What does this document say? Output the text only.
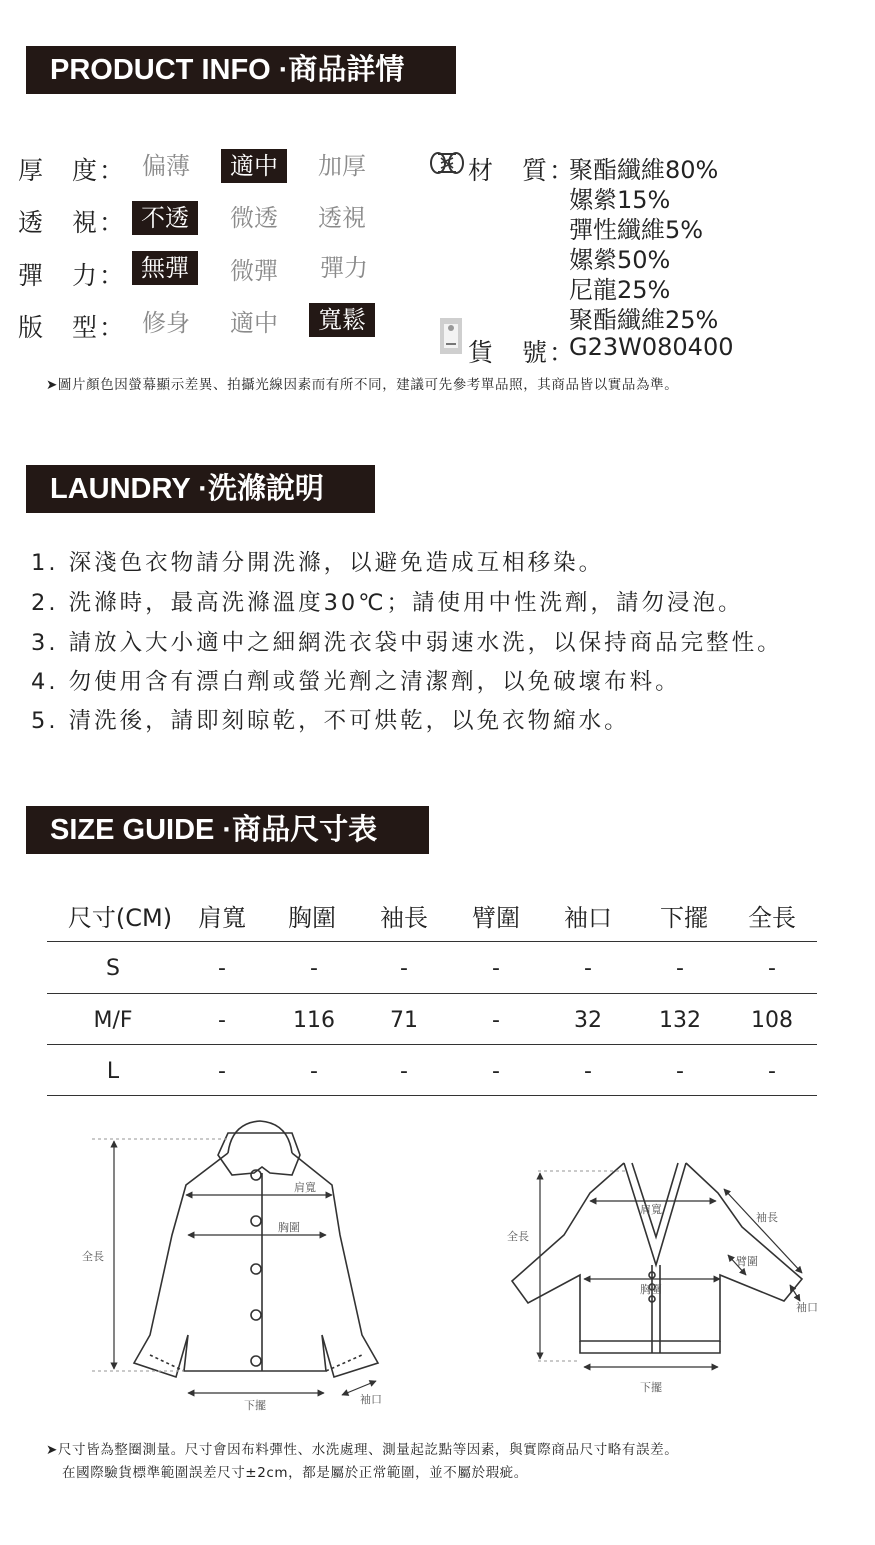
PRODUCT INFO ·商品詳情
厚　度： 偏薄	適中	加厚
透　視： 不透	微透 透視
彈　力： 無彈	微彈 彈力
版　型： 修身 適中	寬鬆
材　質：
聚酯纖維80%
嫘縈15%
彈性纖維5%
嫘縈50%
尼龍25%
聚酯纖維25%
貨　號：
G23W080400
➤圖片顏色因螢幕顯示差異、拍攝光線因素而有所不同，建議可先參考單品照，其商品皆以實品為準。
LAUNDRY ·洗滌說明
1. 深淺色衣物請分開洗滌，以避免造成互相移染。
2. 洗滌時，最高洗滌溫度30℃；請使用中性洗劑，請勿浸泡。
3. 請放入大小適中之細網洗衣袋中弱速水洗，以保持商品完整性。
4. 勿使用含有漂白劑或螢光劑之清潔劑，以免破壞布料。
5. 清洗後，請即刻晾乾，不可烘乾，以免衣物縮水。
SIZE GUIDE ·商品尺寸表
尺寸(CM)	肩寬 胸圍 袖長 臂圍 袖口 下擺 全長
S	-	-	-	-	-	-	-
M/F	-	116	71	-	32	132	108
L	-	-	-	-	-	-	-
肩寬
胸圍
全長
下擺	袖口
全長
肩寬
袖長
臂圍
胸圍
袖口
下擺
➤尺寸皆為整圈測量。尺寸會因布料彈性、水洗處理、測量起訖點等因素，與實際商品尺寸略有誤差。
在國際驗貨標準範圍誤差尺寸±2cm，都是屬於正常範圍，並不屬於瑕疵。
